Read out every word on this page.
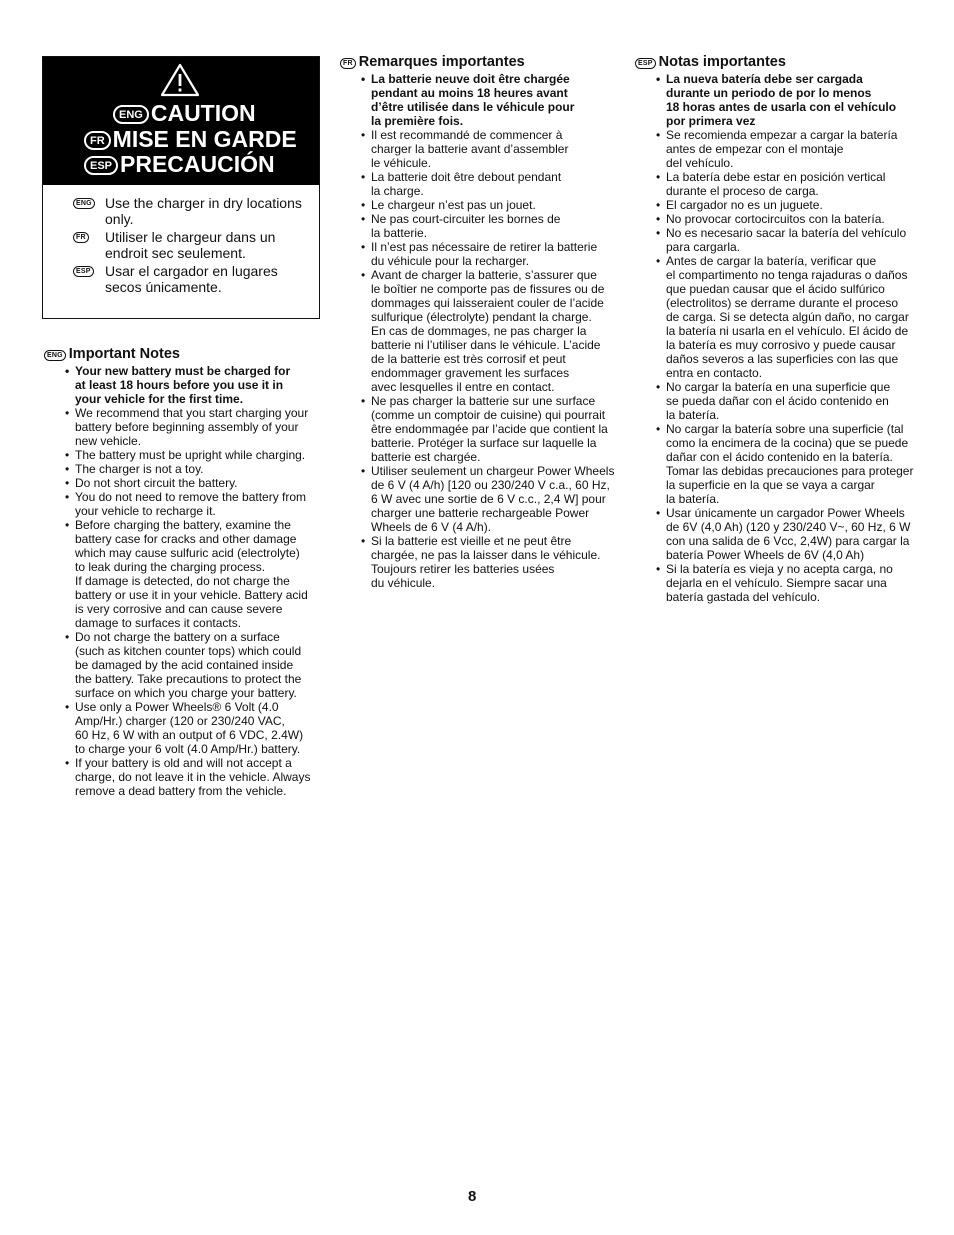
ENG CAUTION
FR MISE EN GARDE
ESP PRECAUCIÓN
ENG Use the charger in dry locations only.
FR Utiliser le chargeur dans un endroit sec seulement.
ESP Usar el cargador en lugares secos únicamente.
ENG Important Notes
• Your new battery must be charged for
at least 18 hours before you use it in
your vehicle for the first time.
• We recommend that you start charging your
battery before beginning assembly of your
new vehicle.
• The battery must be upright while charging.
• The charger is not a toy.
• Do not short circuit the battery.
• You do not need to remove the battery from
your vehicle to recharge it.
• Before charging the battery, examine the
battery case for cracks and other damage
which may cause sulfuric acid (electrolyte)
to leak during the charging process.
If damage is detected, do not charge the
battery or use it in your vehicle. Battery acid
is very corrosive and can cause severe
damage to surfaces it contacts.
• Do not charge the battery on a surface
(such as kitchen counter tops) which could
be damaged by the acid contained inside
the battery. Take precautions to protect the
surface on which you charge your battery.
• Use only a Power Wheels® 6 Volt (4.0
Amp/Hr.) charger (120 or 230/240 VAC,
60 Hz, 6 W with an output of 6 VDC, 2.4W)
to charge your 6 volt (4.0 Amp/Hr.) battery.
• If your battery is old and will not accept a
charge, do not leave it in the vehicle. Always
remove a dead battery from the vehicle.
FR Remarques importantes
• La batterie neuve doit être chargée
pendant au moins 18 heures avant
d’être utilisée dans le véhicule pour
la première fois.
• Il est recommandé de commencer à
charger la batterie avant d’assembler
le véhicule.
• La batterie doit être debout pendant
la charge.
• Le chargeur n’est pas un jouet.
• Ne pas court-circuiter les bornes de
la batterie.
• Il n’est pas nécessaire de retirer la batterie
du véhicule pour la recharger.
• Avant de charger la batterie, s’assurer que
le boîtier ne comporte pas de fissures ou de
dommages qui laisseraient couler de l’acide
sulfurique (électrolyte) pendant la charge.
En cas de dommages, ne pas charger la
batterie ni l’utiliser dans le véhicule. L’acide
de la batterie est très corrosif et peut
endommager gravement les surfaces
avec lesquelles il entre en contact.
• Ne pas charger la batterie sur une surface
(comme un comptoir de cuisine) qui pourrait
être endommagée par l’acide que contient la
batterie. Protéger la surface sur laquelle la
batterie est chargée.
• Utiliser seulement un chargeur Power Wheels
de 6 V (4 A/h) [120 ou 230/240 V c.a., 60 Hz,
6 W avec une sortie de 6 V c.c., 2,4 W] pour
charger une batterie rechargeable Power
Wheels de 6 V (4 A/h).
• Si la batterie est vieille et ne peut être
chargée, ne pas la laisser dans le véhicule.
Toujours retirer les batteries usées
du véhicule.
ESP Notas importantes
• La nueva batería debe ser cargada
durante un periodo de por lo menos
18 horas antes de usarla con el vehículo
por primera vez
• Se recomienda empezar a cargar la batería
antes de empezar con el montaje
del vehículo.
• La batería debe estar en posición vertical
durante el proceso de carga.
• El cargador no es un juguete.
• No provocar cortocircuitos con la batería.
• No es necesario sacar la batería del vehículo
para cargarla.
• Antes de cargar la batería, verificar que
el compartimento no tenga rajaduras o daños
que puedan causar que el ácido sulfúrico
(electrolitos) se derrame durante el proceso
de carga. Si se detecta algún daño, no cargar
la batería ni usarla en el vehículo. El ácido de
la batería es muy corrosivo y puede causar
daños severos a las superficies con las que
entra en contacto.
• No cargar la batería en una superficie que
se pueda dañar con el ácido contenido en
la batería.
• No cargar la batería sobre una superficie (tal
como la encimera de la cocina) que se puede
dañar con el ácido contenido en la batería.
Tomar las debidas precauciones para proteger
la superficie en la que se vaya a cargar
la batería.
• Usar únicamente un cargador Power Wheels
de 6V (4,0 Ah) (120 y 230/240 V~, 60 Hz, 6 W
con una salida de 6 Vcc, 2,4W) para cargar la
batería Power Wheels de 6V (4,0 Ah)
• Si la batería es vieja y no acepta carga, no
dejarla en el vehículo. Siempre sacar una
batería gastada del vehículo.
8
